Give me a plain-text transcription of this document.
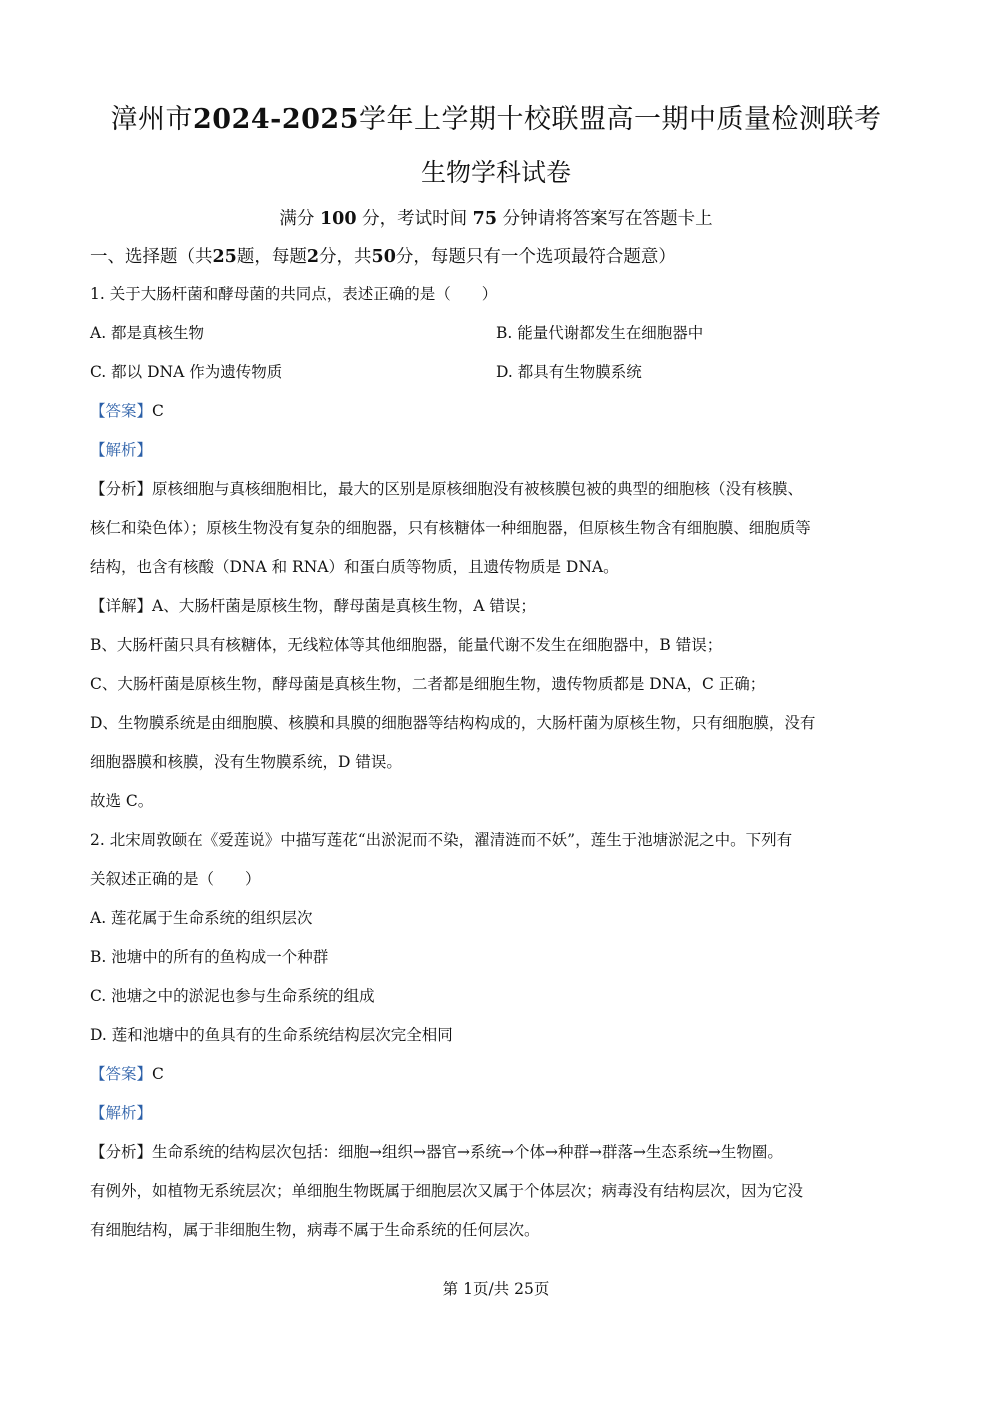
漳州市2024-2025学年上学期十校联盟高一期中质量检测联考
生物学科试卷
满分 100 分，考试时间 75 分钟请将答案写在答题卡上
一、选择题（共25题，每题2分，共50分，每题只有一个选项最符合题意）
1. 关于大肠杆菌和酵母菌的共同点，表述正确的是（　　）
A. 都是真核生物	B. 能量代谢都发生在细胞器中
C. 都以 DNA 作为遗传物质	D. 都具有生物膜系统
【答案】C
【解析】
【分析】原核细胞与真核细胞相比，最大的区别是原核细胞没有被核膜包被的典型的细胞核（没有核膜、
核仁和染色体）；原核生物没有复杂的细胞器，只有核糖体一种细胞器，但原核生物含有细胞膜、细胞质等
结构，也含有核酸（DNA 和 RNA）和蛋白质等物质，且遗传物质是 DNA。
【详解】A、大肠杆菌是原核生物，酵母菌是真核生物，A 错误；
B、大肠杆菌只具有核糖体，无线粒体等其他细胞器，能量代谢不发生在细胞器中，B 错误；
C、大肠杆菌是原核生物，酵母菌是真核生物，二者都是细胞生物，遗传物质都是 DNA，C 正确；
D、生物膜系统是由细胞膜、核膜和具膜的细胞器等结构构成的，大肠杆菌为原核生物，只有细胞膜，没有
细胞器膜和核膜，没有生物膜系统，D 错误。
故选 C。
2. 北宋周敦颐在《爱莲说》中描写莲花“出淤泥而不染，濯清涟而不妖”，莲生于池塘淤泥之中。下列有
关叙述正确的是（　　）
A. 莲花属于生命系统的组织层次
B. 池塘中的所有的鱼构成一个种群
C. 池塘之中的淤泥也参与生命系统的组成
D. 莲和池塘中的鱼具有的生命系统结构层次完全相同
【答案】C
【解析】
【分析】生命系统的结构层次包括：细胞→组织→器官→系统→个体→种群→群落→生态系统→生物圈。
有例外，如植物无系统层次；单细胞生物既属于细胞层次又属于个体层次；病毒没有结构层次，因为它没
有细胞结构，属于非细胞生物，病毒不属于生命系统的任何层次。
第 1页/共 25页
